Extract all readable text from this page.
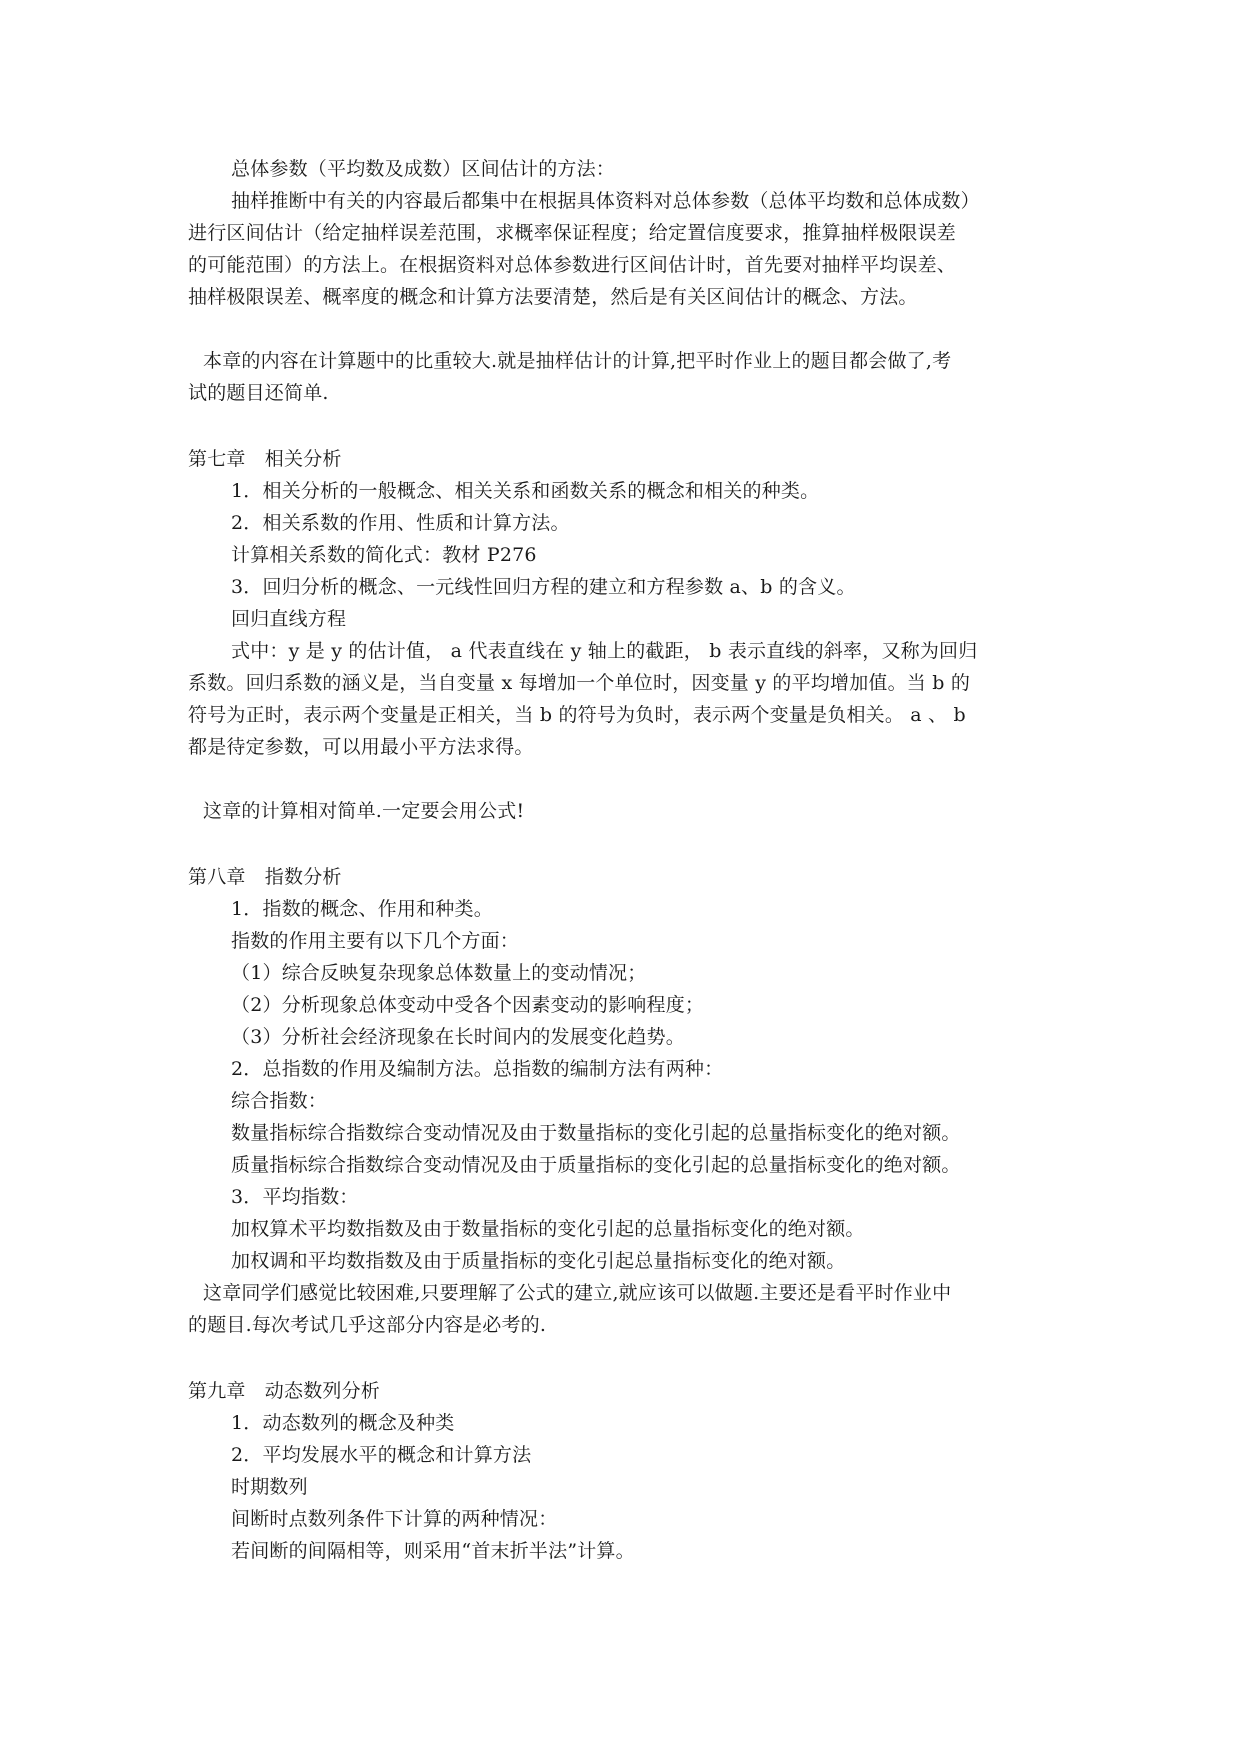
总体参数（平均数及成数）区间估计的方法：
抽样推断中有关的内容最后都集中在根据具体资料对总体参数（总体平均数和总体成数）
进行区间估计（给定抽样误差范围，求概率保证程度；给定置信度要求，推算抽样极限误差
的可能范围）的方法上。在根据资料对总体参数进行区间估计时，首先要对抽样平均误差、
抽样极限误差、概率度的概念和计算方法要清楚，然后是有关区间估计的概念、方法。
本章的内容在计算题中的比重较大.就是抽样估计的计算,把平时作业上的题目都会做了,考
试的题目还简单.
第七章　相关分析
1．相关分析的一般概念、相关关系和函数关系的概念和相关的种类。
2．相关系数的作用、性质和计算方法。
计算相关系数的简化式：教材 P276
3．回归分析的概念、一元线性回归方程的建立和方程参数 a、b 的含义。
回归直线方程
式中：y 是 y 的估计值， a 代表直线在 y 轴上的截距， b 表示直线的斜率，又称为回归
系数。回归系数的涵义是，当自变量 x 每增加一个单位时，因变量 y 的平均增加值。当 b 的
符号为正时，表示两个变量是正相关，当 b 的符号为负时，表示两个变量是负相关。 a 、 b
都是待定参数，可以用最小平方法求得。
这章的计算相对简单.一定要会用公式!
第八章　指数分析
1．指数的概念、作用和种类。
指数的作用主要有以下几个方面：
（1）综合反映复杂现象总体数量上的变动情况；
（2）分析现象总体变动中受各个因素变动的影响程度；
（3）分析社会经济现象在长时间内的发展变化趋势。
2．总指数的作用及编制方法。总指数的编制方法有两种：
综合指数：
数量指标综合指数综合变动情况及由于数量指标的变化引起的总量指标变化的绝对额。
质量指标综合指数综合变动情况及由于质量指标的变化引起的总量指标变化的绝对额。
3．平均指数：
加权算术平均数指数及由于数量指标的变化引起的总量指标变化的绝对额。
加权调和平均数指数及由于质量指标的变化引起总量指标变化的绝对额。
这章同学们感觉比较困难,只要理解了公式的建立,就应该可以做题.主要还是看平时作业中
的题目.每次考试几乎这部分内容是必考的.
第九章　动态数列分析
1．动态数列的概念及种类
2．平均发展水平的概念和计算方法
时期数列
间断时点数列条件下计算的两种情况：
若间断的间隔相等，则采用“首末折半法”计算。
